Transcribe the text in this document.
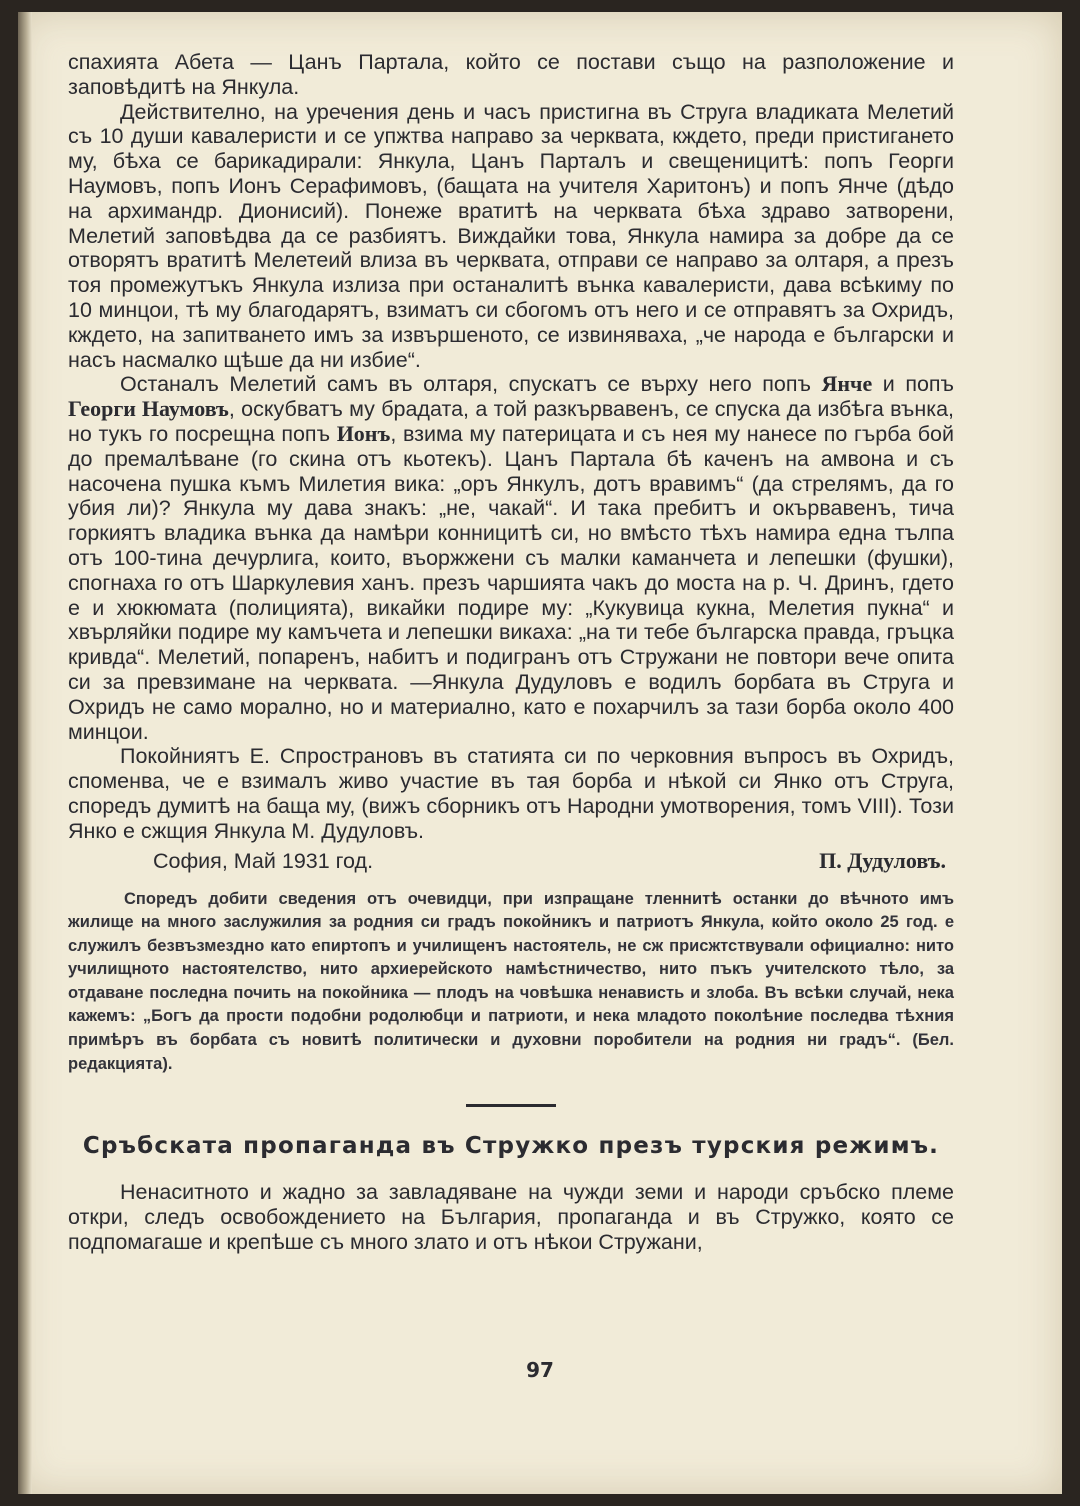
спахията Абета — Цанъ Партала, който се постави също на разположение и заповѣдитѣ на Янкула.

Действително, на уречения день и часъ пристигна въ Струга владиката Мелетий съ 10 души кавалеристи и се упжтва направо за черквата, кждето, преди пристигането му, бѣха се барикадирали: Янкула, Цанъ Парталъ и свещеницитѣ: попъ Георги Наумовъ, попъ Ионъ Серафимовъ, (бащата на учителя Харитонъ) и попъ Янче (дѣдо на архимандр. Дионисий). Понеже вратитѣ на черквата бѣха здраво затворени, Мелетий заповѣдва да се разбиятъ. Виждайки това, Янкула намира за добре да се отворятъ вратитѣ Мелетеий влиза въ черквата, отправи се направо за олтаря, а презъ тоя промежутъкъ Янкула излиза при останалитѣ вънка кавалеристи, дава всѣкиму по 10 минцои, тѣ му благодарятъ, взиматъ си сбогомъ отъ него и се отправятъ за Охридъ, кждето, на запитването имъ за извършеното, се извиняваха, „че народа е български и насъ насмалко щѣше да ни избие“.

Останалъ Мелетий самъ въ олтаря, спускатъ се върху него попъ Янче и попъ Георги Наумовъ, оскубватъ му брадата, а той разкървавенъ, се спуска да избѣга вънка, но тукъ го посрещна попъ Ионъ, взима му патерицата и съ нея му нанесе по гърба бой до премалѣване (го скина отъ кьотекъ). Цанъ Партала бѣ каченъ на амвона и съ насочена пушка къмъ Милетия вика: „оръ Янкулъ, дотъ вравимъ“ (да стрелямъ, да го убия ли)? Янкула му дава знакъ: „не, чакай“. И така пребитъ и окървавенъ, тича горкиятъ владика вънка да намѣри конницитѣ си, но вмѣсто тѣхъ намира една тълпа отъ 100-тина дечурлига, които, въоржжени съ малки каманчета и лепешки (фушки), спогнаха го отъ Шаркулевия ханъ. презъ чаршията чакъ до моста на р. Ч. Дринъ, гдето е и хюкюмата (полицията), викайки подире му: „Кукувица кукна, Мелетия пукна“ и хвърляйки подире му камъчета и лепешки викаха: „на ти тебе българска правда, гръцка кривда“. Мелетий, попаренъ, набитъ и подигранъ отъ Стружани не повтори вече опита си за превзимане на черквата. —Янкула Дудуловъ е водилъ борбата въ Струга и Охридъ не само морално, но и материално, като е похарчилъ за тази борба около 400 минцои.

Покойниятъ Е. Спространовъ въ статията си по черковния въпросъ въ Охридъ, споменва, че е взималъ живо участие въ тая борба и нѣкой си Янко отъ Струга, споредъ думитѣ на баща му, (вижъ сборникъ отъ Народни умотворения, томъ VIII). Този Янко е сжщия Янкула М. Дудуловъ.

София, Май 1931 год.	П. Дудуловъ.

Споредъ добити сведения отъ очевидци, при изпращане тленнитѣ останки до вѣчното имъ жилище на много заслужилия за родния си градъ покойникъ и патриотъ Янкула, който около 25 год. е служилъ безвъзмездно като епиртопъ и училищенъ настоятель, не сж присжтствували официално: нито училищното настоятелство, нито архиерейското намѣстничество, нито пъкъ учителското тѣло, за отдаване последна почить на покойника — плодъ на човѣшка ненависть и злоба. Въ всѣки случай, нека кажемъ: „Богъ да прости подобни родолюбци и патриоти, и нека младото поколѣние последва тѣхния примѣръ въ борбата съ новитѣ политически и духовни поробители на родния ни градъ“. (Бел. редакцията).

Сръбската пропаганда въ Стружко презъ турския режимъ.

Ненаситното и жадно за завладяване на чужди земи и народи сръбско племе откри, следъ освобождението на България, пропаганда и въ Стружко, която се подпомагаше и крепѣше съ много злато и отъ нѣкои Стружани,

97
